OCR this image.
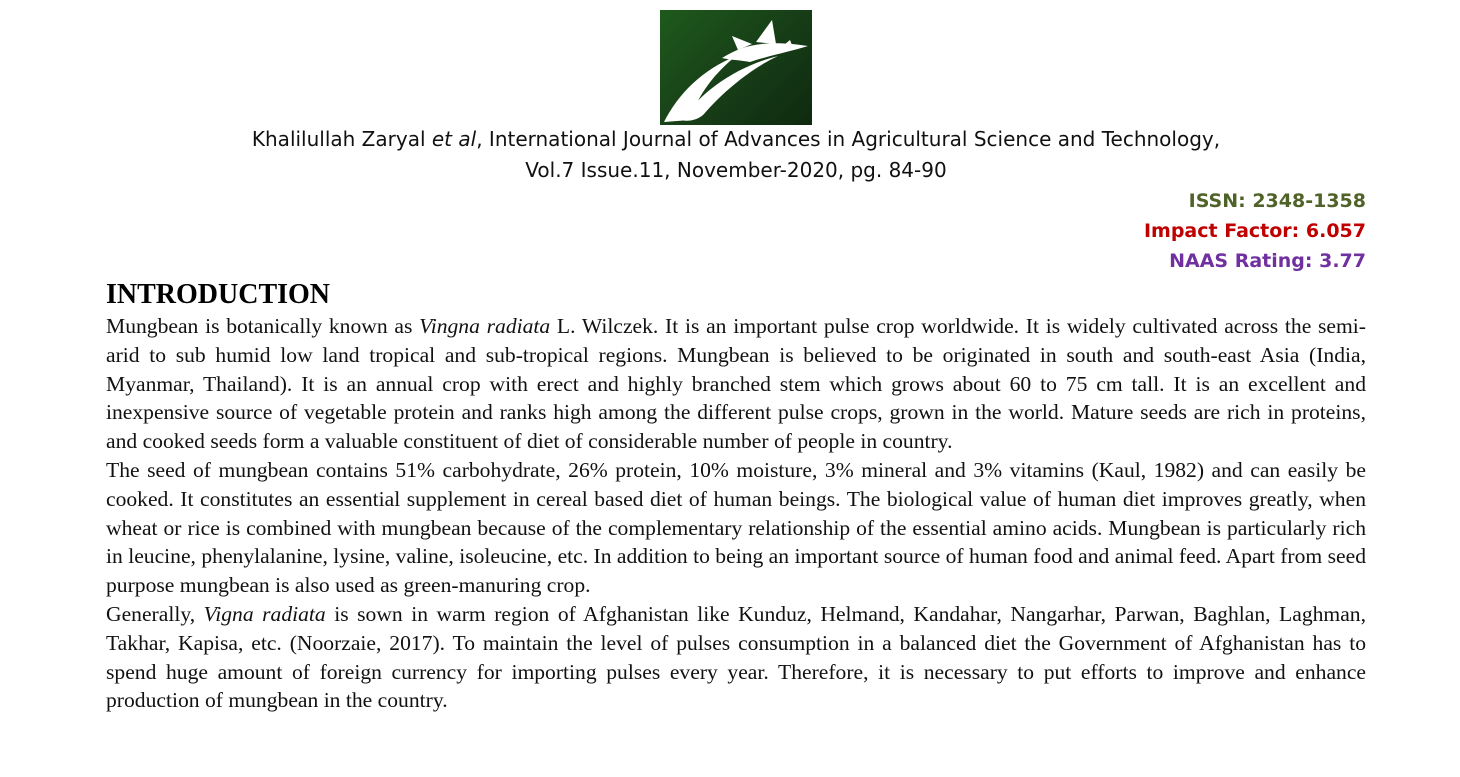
Khalilullah Zaryal et al, International Journal of Advances in Agricultural Science and Technology,
Vol.7 Issue.11, November-2020, pg. 84-90
ISSN: 2348-1358
Impact Factor: 6.057
NAAS Rating: 3.77
INTRODUCTION

Mungbean is botanically known as Vingna radiata L. Wilczek. It is an important pulse crop worldwide. It is widely cultivated across the semi-arid to sub humid low land tropical and sub-tropical regions. Mungbean is believed to be originated in south and south-east Asia (India, Myanmar, Thailand). It is an annual crop with erect and highly branched stem which grows about 60 to 75 cm tall. It is an excellent and inexpensive source of vegetable protein and ranks high among the different pulse crops, grown in the world. Mature seeds are rich in proteins, and cooked seeds form a valuable constituent of diet of considerable number of people in country.

The seed of mungbean contains 51% carbohydrate, 26% protein, 10% moisture, 3% mineral and 3% vitamins (Kaul, 1982) and can easily be cooked. It constitutes an essential supplement in cereal based diet of human beings. The biological value of human diet improves greatly, when wheat or rice is combined with mungbean because of the complementary relationship of the essential amino acids. Mungbean is particularly rich in leucine, phenylalanine, lysine, valine, isoleucine, etc. In addition to being an important source of human food and animal feed. Apart from seed purpose mungbean is also used as green-manuring crop.

Generally, Vigna radiata is sown in warm region of Afghanistan like Kunduz, Helmand, Kandahar, Nangarhar, Parwan, Baghlan, Laghman, Takhar, Kapisa, etc. (Noorzaie, 2017). To maintain the level of pulses consumption in a balanced diet the Government of Afghanistan has to spend huge amount of foreign currency for importing pulses every year. Therefore, it is necessary to put efforts to improve and enhance production of mungbean in the country.
